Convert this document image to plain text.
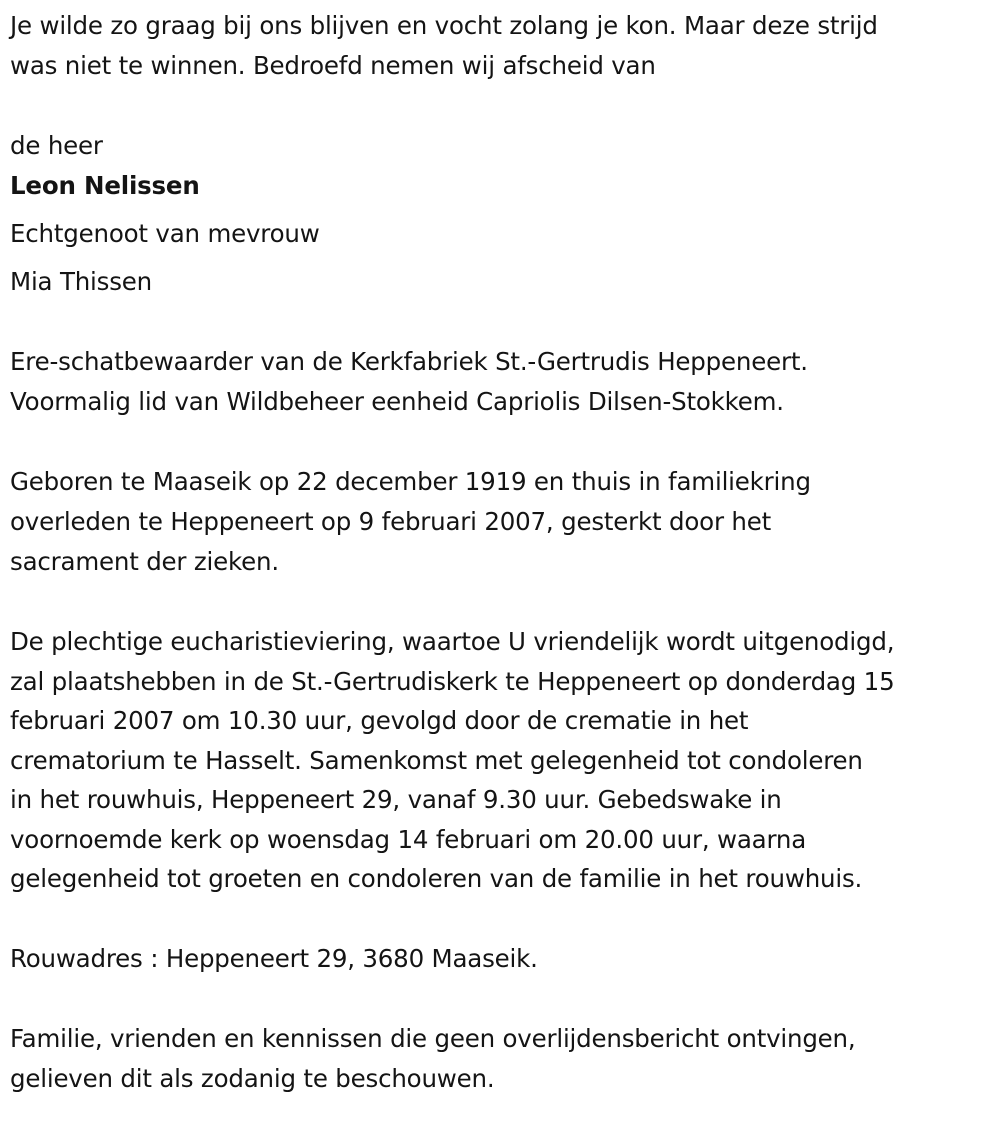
Je wilde zo graag bij ons blijven en vocht zolang je kon. Maar deze strijd

was niet te winnen. Bedroefd nemen wij afscheid van

de heer

Leon Nelissen

Echtgenoot van mevrouw

Mia Thissen

Ere-schatbewaarder van de Kerkfabriek St.-Gertrudis Heppeneert.

Voormalig lid van Wildbeheer eenheid Capriolis Dilsen-Stokkem.

Geboren te Maaseik op 22 december 1919 en thuis in familiekring

overleden te Heppeneert op 9 februari 2007, gesterkt door het

sacrament der zieken.

De plechtige eucharistieviering, waartoe U vriendelijk wordt uitgenodigd,

zal plaatshebben in de St.-Gertrudiskerk te Heppeneert op donderdag 15

februari 2007 om 10.30 uur, gevolgd door de crematie in het

crematorium te Hasselt. Samenkomst met gelegenheid tot condoleren

in het rouwhuis, Heppeneert 29, vanaf 9.30 uur. Gebedswake in

voornoemde kerk op woensdag 14 februari om 20.00 uur, waarna

gelegenheid tot groeten en condoleren van de familie in het rouwhuis.

Rouwadres : Heppeneert 29, 3680 Maaseik.

Familie, vrienden en kennissen die geen overlijdensbericht ontvingen,

gelieven dit als zodanig te beschouwen.
